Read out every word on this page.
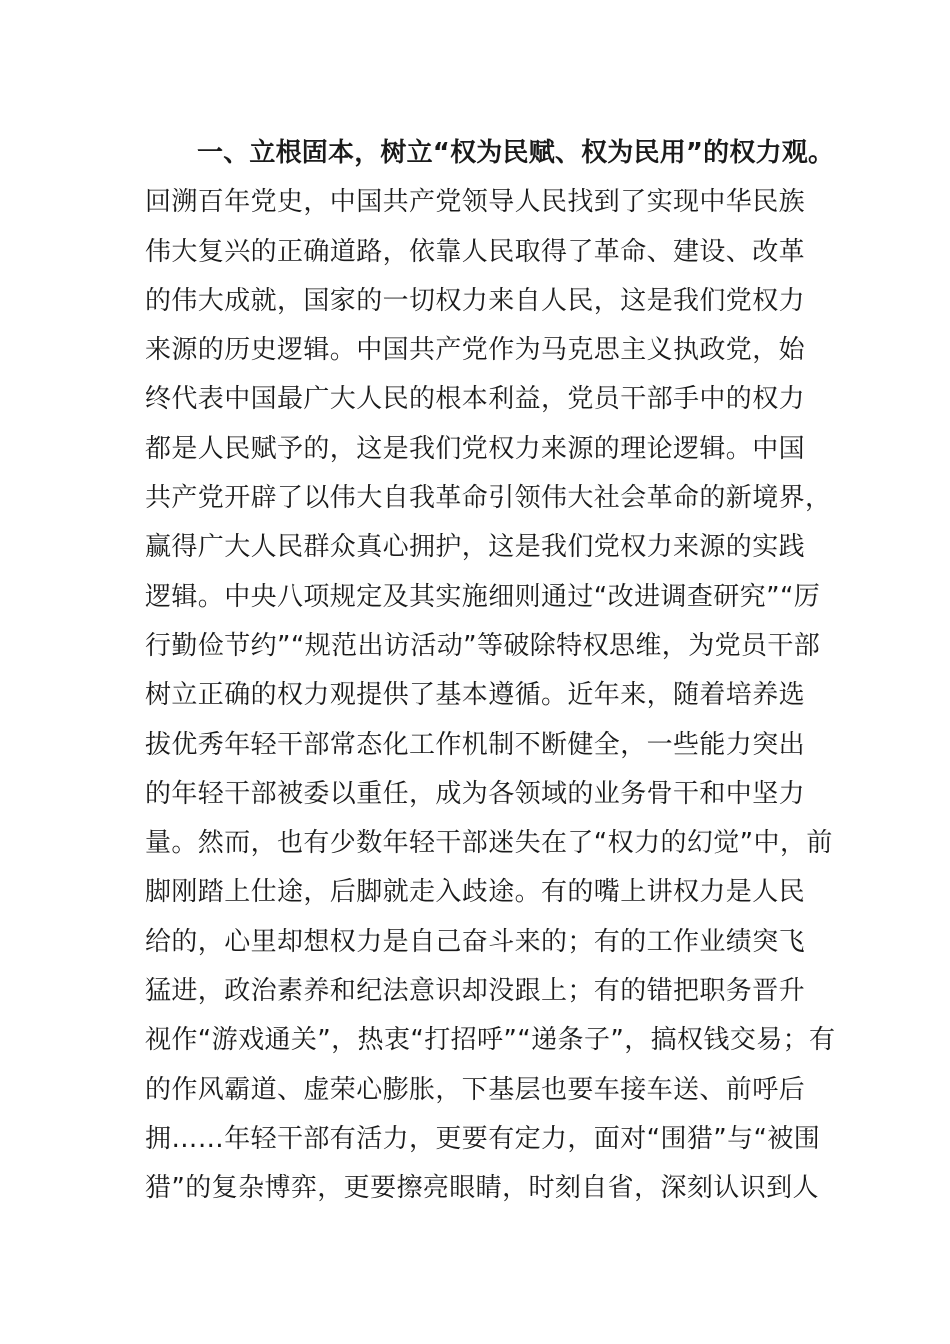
一、立根固本，树立“权为民赋、权为民用”的权力观。
回溯百年党史，中国共产党领导人民找到了实现中华民族
伟大复兴的正确道路，依靠人民取得了革命、建设、改革
的伟大成就，国家的一切权力来自人民，这是我们党权力
来源的历史逻辑。中国共产党作为马克思主义执政党，始
终代表中国最广大人民的根本利益，党员干部手中的权力
都是人民赋予的，这是我们党权力来源的理论逻辑。中国
共产党开辟了以伟大自我革命引领伟大社会革命的新境界，
赢得广大人民群众真心拥护，这是我们党权力来源的实践
逻辑。中央八项规定及其实施细则通过“改进调查研究”“厉
行勤俭节约”“规范出访活动”等破除特权思维，为党员干部
树立正确的权力观提供了基本遵循。近年来，随着培养选
拔优秀年轻干部常态化工作机制不断健全，一些能力突出
的年轻干部被委以重任，成为各领域的业务骨干和中坚力
量。然而，也有少数年轻干部迷失在了“权力的幻觉”中，前
脚刚踏上仕途，后脚就走入歧途。有的嘴上讲权力是人民
给的，心里却想权力是自己奋斗来的；有的工作业绩突飞
猛进，政治素养和纪法意识却没跟上；有的错把职务晋升
视作“游戏通关”，热衷“打招呼”“递条子”，搞权钱交易；有
的作风霸道、虚荣心膨胀，下基层也要车接车送、前呼后
拥……年轻干部有活力，更要有定力，面对“围猎”与“被围
猎”的复杂博弈，更要擦亮眼睛，时刻自省，深刻认识到人
